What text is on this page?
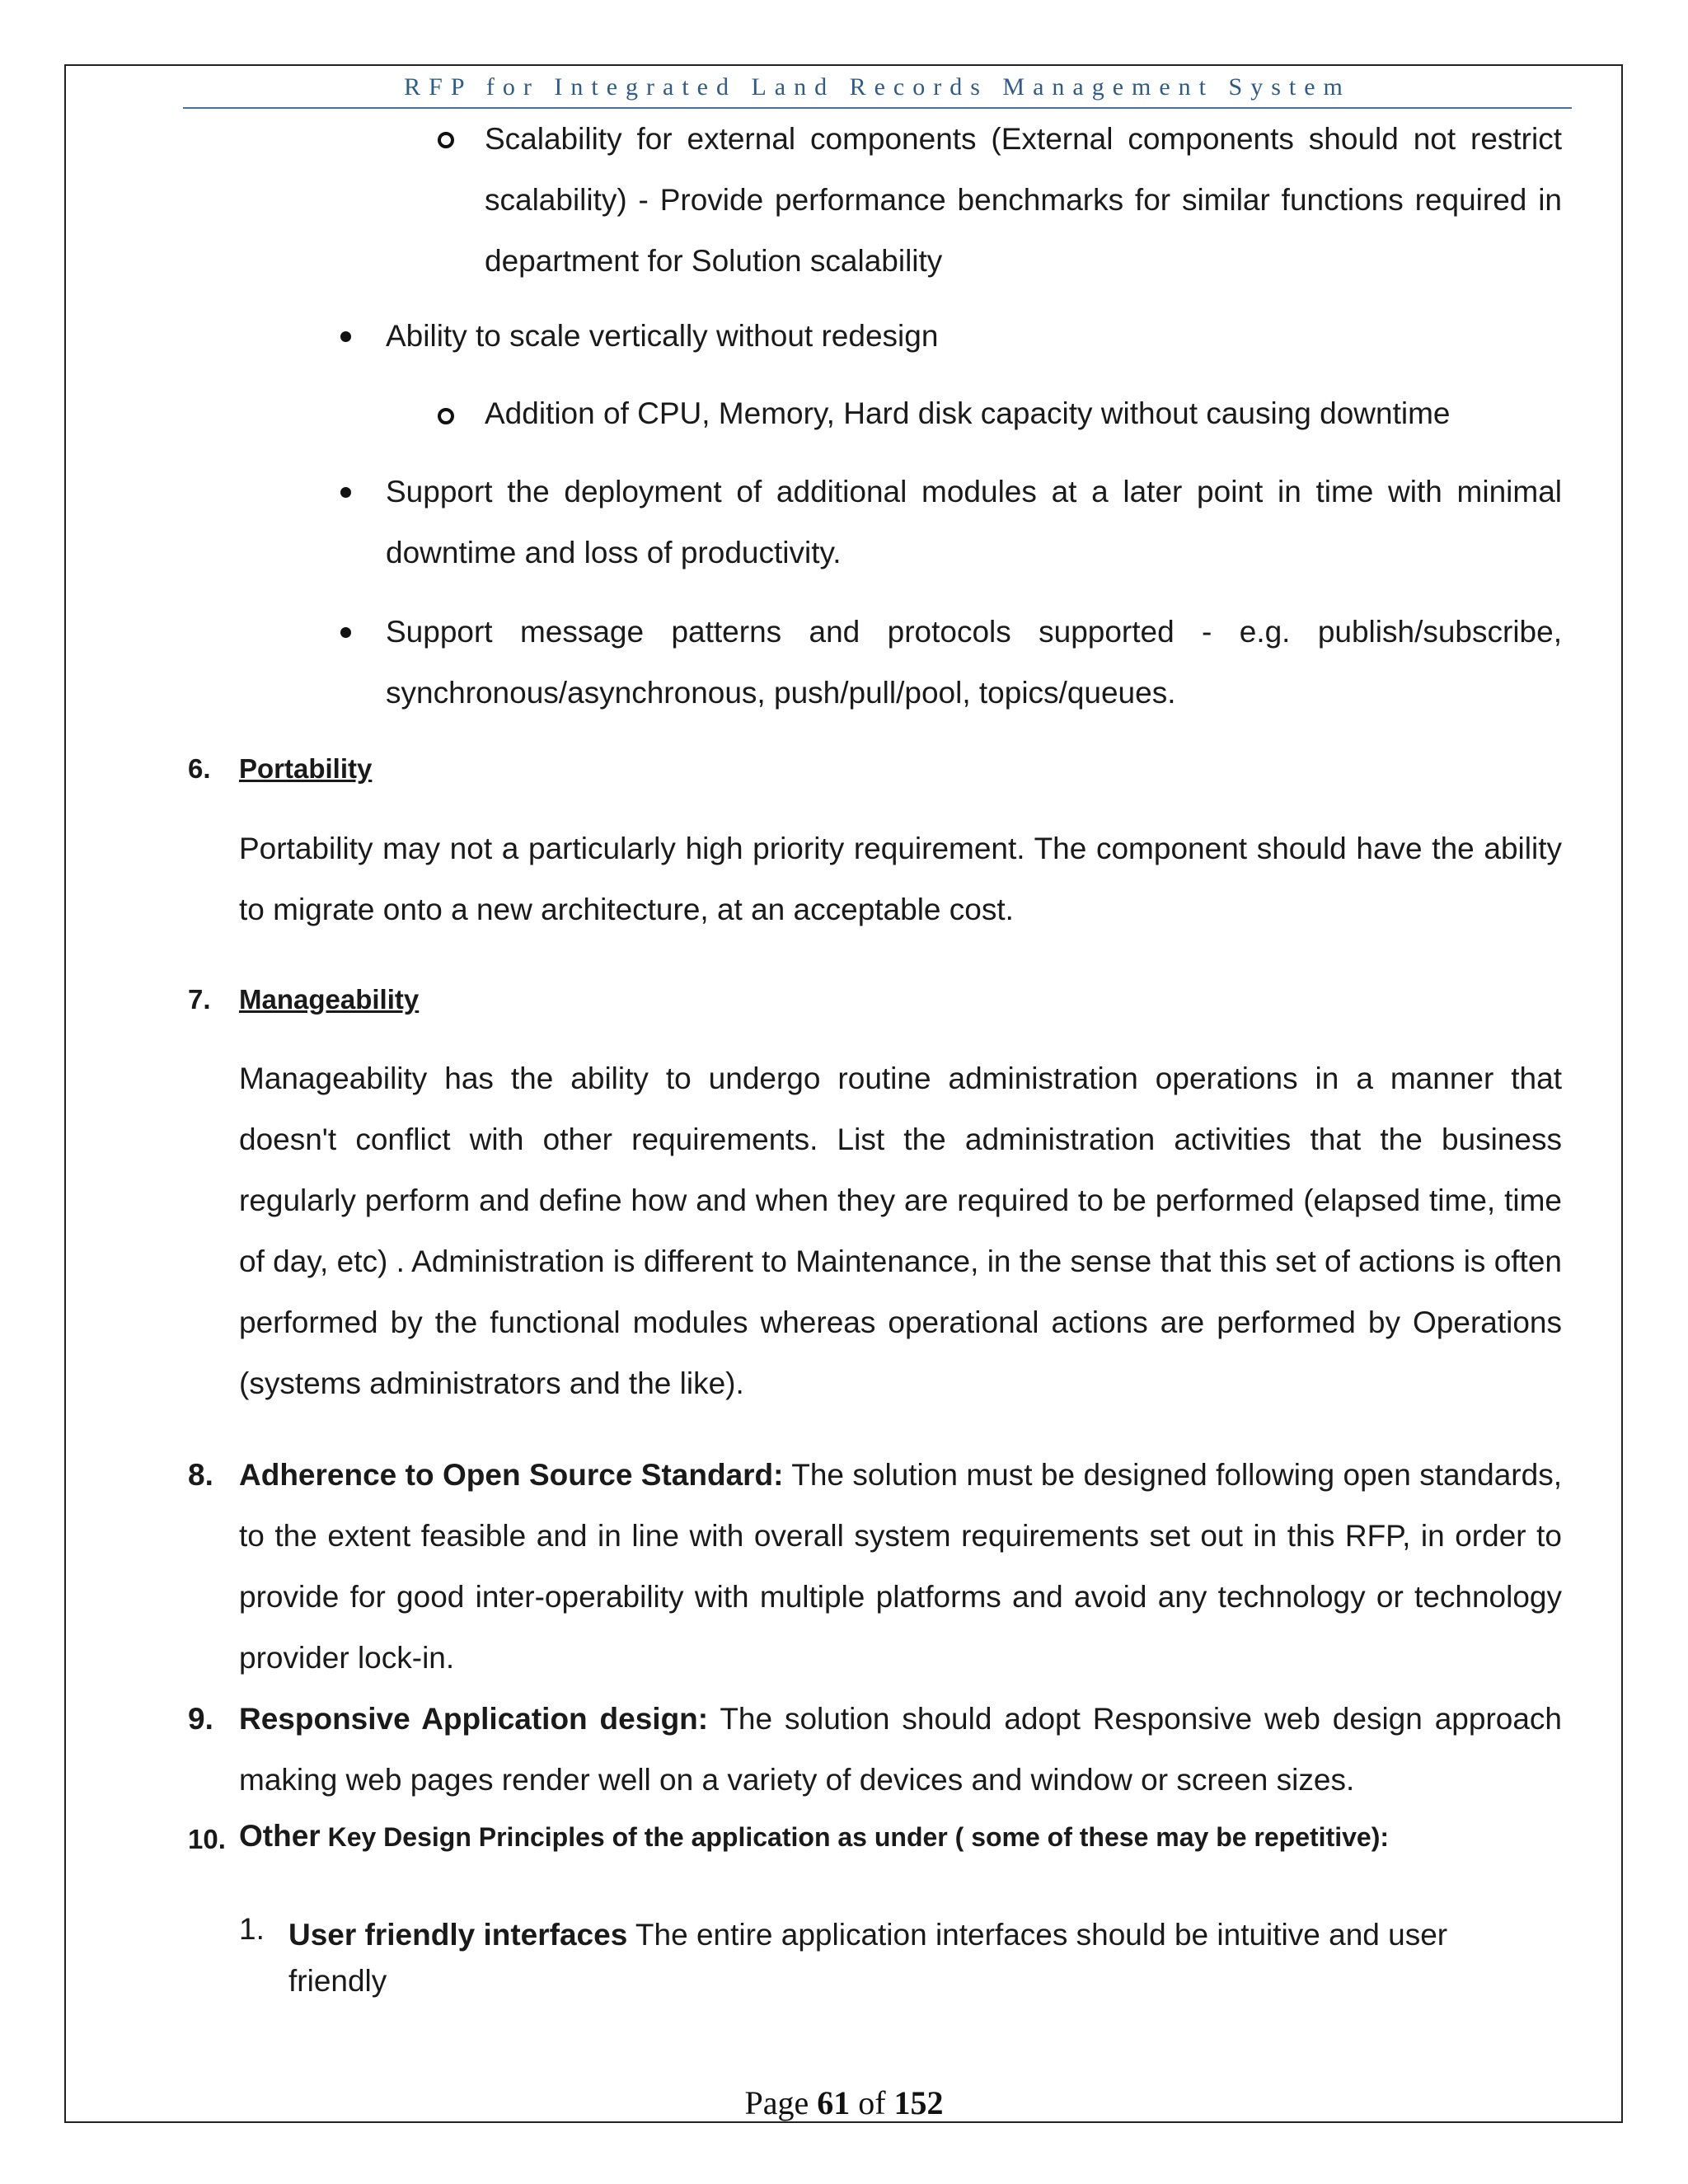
RFP for Integrated Land Records Management System
Scalability for external components (External components should not restrict scalability) - Provide performance benchmarks for similar functions required in department for Solution scalability
Ability to scale vertically without redesign
Addition of CPU, Memory, Hard disk capacity without causing downtime
Support the deployment of additional modules at a later point in time with minimal downtime and loss of productivity.
Support message patterns and protocols supported - e.g. publish/subscribe, synchronous/asynchronous, push/pull/pool, topics/queues.
6. Portability
Portability may not a particularly high priority requirement. The component should have the ability to migrate onto a new architecture, at an acceptable cost.
7. Manageability
Manageability has the ability to undergo routine administration operations in a manner that doesn't conflict with other requirements. List the administration activities that the business regularly perform and define how and when they are required to be performed (elapsed time, time of day, etc) . Administration is different to Maintenance, in the sense that this set of actions is often performed by the functional modules whereas operational actions are performed by Operations (systems administrators and the like).
8. Adherence to Open Source Standard: The solution must be designed following open standards, to the extent feasible and in line with overall system requirements set out in this RFP, in order to provide for good inter-operability with multiple platforms and avoid any technology or technology provider lock-in.
9. Responsive Application design: The solution should adopt Responsive web design approach making web pages render well on a variety of devices and window or screen sizes.
10. Other Key Design Principles of the application as under ( some of these may be repetitive):
1. User friendly interfaces The entire application interfaces should be intuitive and user friendly
Page 61 of 152
